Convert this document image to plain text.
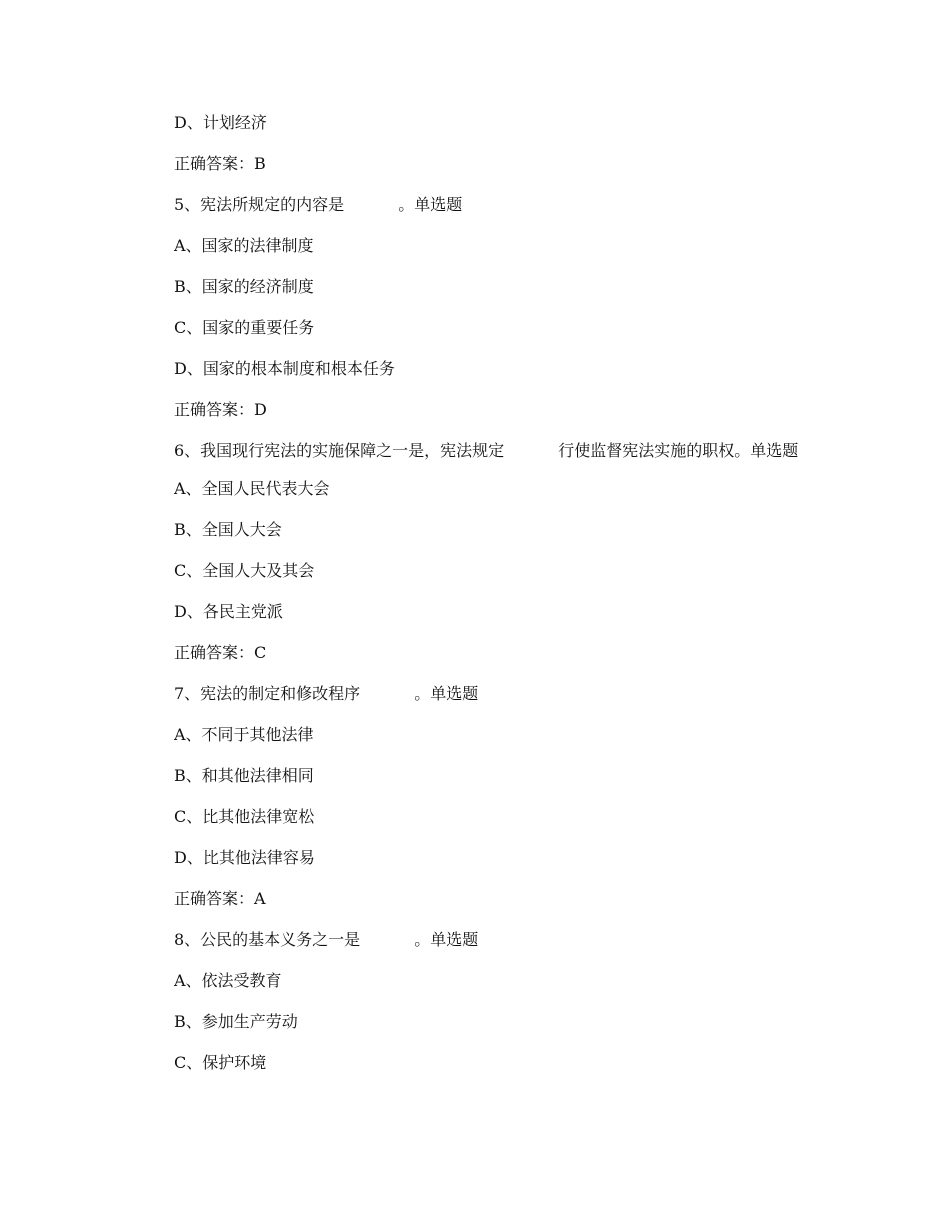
D、计划经济
正确答案：B
5、宪法所规定的内容是	。单选题
A、国家的法律制度
B、国家的经济制度
C、国家的重要任务
D、国家的根本制度和根本任务
正确答案：D
6、我国现行宪法的实施保障之一是，宪法规定	行使监督宪法实施的职权。单选题
A、全国人民代表大会
B、全国人大会
C、全国人大及其会
D、各民主党派
正确答案：C
7、宪法的制定和修改程序	。单选题
A、不同于其他法律
B、和其他法律相同
C、比其他法律宽松
D、比其他法律容易
正确答案：A
8、公民的基本义务之一是	。单选题
A、依法受教育
B、参加生产劳动
C、保护环境
